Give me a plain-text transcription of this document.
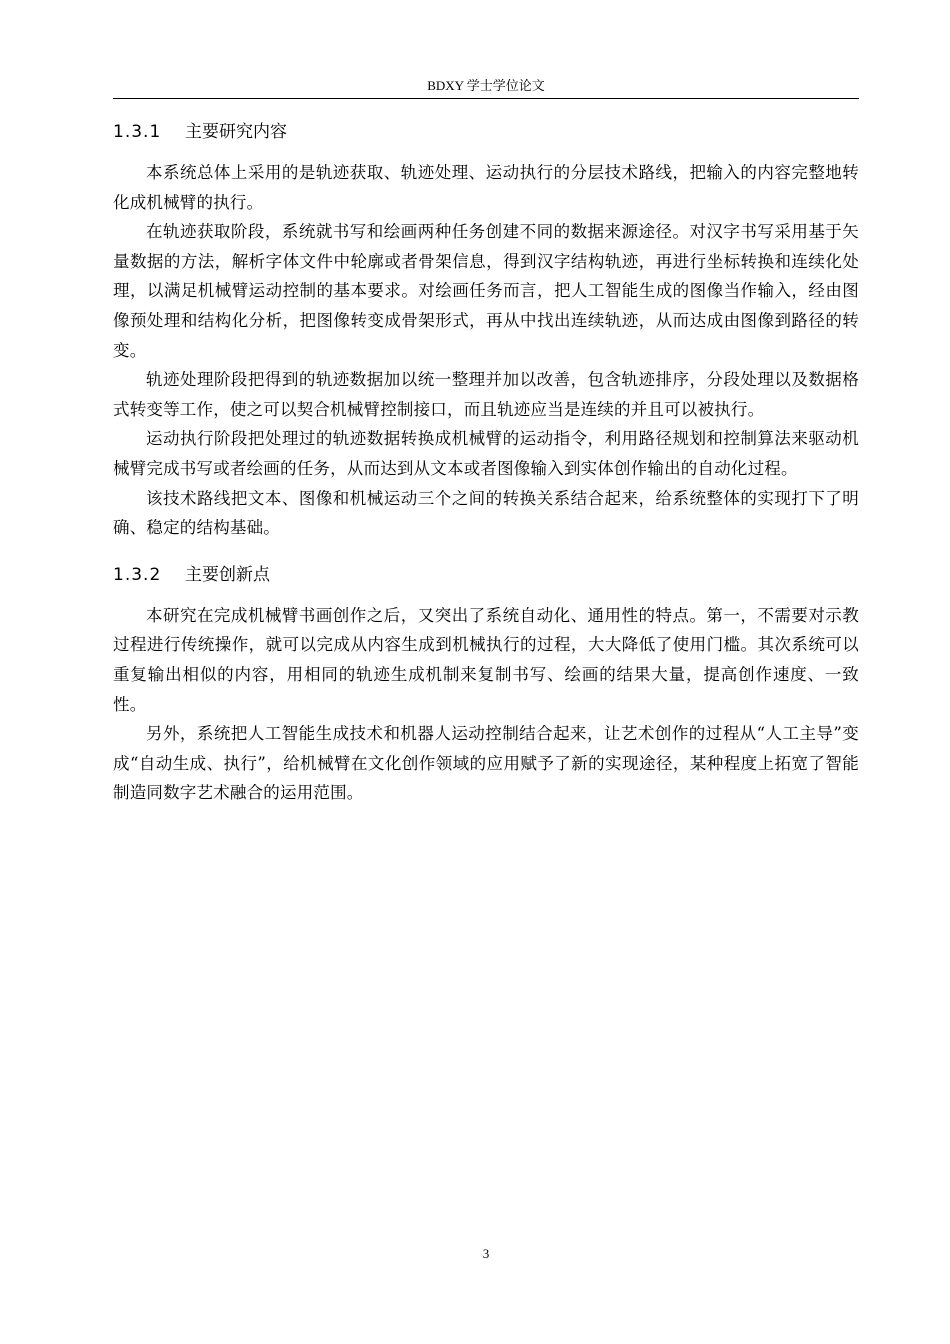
BDXY 学士学位论文
1.3.1 主要研究内容

本系统总体上采用的是轨迹获取、轨迹处理、运动执行的分层技术路线，把输入的内容完整地转化成机械臂的执行。

在轨迹获取阶段，系统就书写和绘画两种任务创建不同的数据来源途径。对汉字书写采用基于矢量数据的方法，解析字体文件中轮廓或者骨架信息，得到汉字结构轨迹，再进行坐标转换和连续化处理，以满足机械臂运动控制的基本要求。对绘画任务而言，把人工智能生成的图像当作输入，经由图像预处理和结构化分析，把图像转变成骨架形式，再从中找出连续轨迹，从而达成由图像到路径的转变。

轨迹处理阶段把得到的轨迹数据加以统一整理并加以改善，包含轨迹排序，分段处理以及数据格式转变等工作，使之可以契合机械臂控制接口，而且轨迹应当是连续的并且可以被执行。

运动执行阶段把处理过的轨迹数据转换成机械臂的运动指令，利用路径规划和控制算法来驱动机械臂完成书写或者绘画的任务，从而达到从文本或者图像输入到实体创作输出的自动化过程。

该技术路线把文本、图像和机械运动三个之间的转换关系结合起来，给系统整体的实现打下了明确、稳定的结构基础。

1.3.2 主要创新点

本研究在完成机械臂书画创作之后，又突出了系统自动化、通用性的特点。第一，不需要对示教过程进行传统操作，就可以完成从内容生成到机械执行的过程，大大降低了使用门槛。其次系统可以重复输出相似的内容，用相同的轨迹生成机制来复制书写、绘画的结果大量，提高创作速度、一致性。

另外，系统把人工智能生成技术和机器人运动控制结合起来，让艺术创作的过程从“人工主导”变成“自动生成、执行”，给机械臂在文化创作领域的应用赋予了新的实现途径，某种程度上拓宽了智能制造同数字艺术融合的运用范围。

3
